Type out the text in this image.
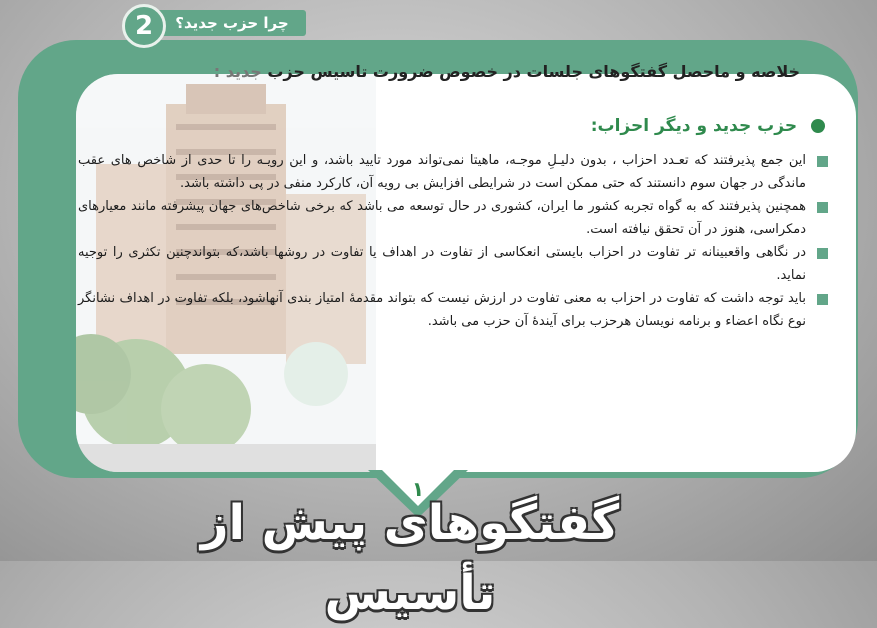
چرا حزب جدید؟
2
خلاصه و ماحصل گفتگوهای جلسات در خصوص ضرورت تاسیس حزب جدید :
حزب جدید و دیگر احزاب:
این جمع پذیرفتند که تعـدد احزاب ، بدون دلیـلِ موجـه، ماهیتا نمی‌تواند مورد تایید باشد، و این رویـه را تا حدی از شاخص های عقب ماندگی در جهان سوم دانستند که حتی ممکن است در شرایطی افزایش بی رویه آن، کارکرد منفی در پی داشته باشد.
همچنین پذیرفتند که به گواه تجربه کشور ما ایران، کشوری در حال توسعه می باشد که برخی شاخص‌های جهان پیشرفته مانند معیارهای دمکراسی، هنوز در آن تحقق نیافته است.
در نگاهی واقعبینانه تر تفاوت در احزاب بایستی انعکاسی از تفاوت در اهداف یا تفاوت در روشها باشد،که بتواندچنین تکثری را توجیه نماید.
باید توجه داشت که تفاوت در احزاب به معنی تفاوت در ارزش نیست که بتواند مقدمۀ امتیاز بندی آنهاشود، بلکه تفاوت در اهداف نشانگر نوع نگاه اعضاء و برنامه نویسان هرحزب برای آیندۀ آن حزب می باشد.
۱
گفتگوهای پیش از تأسیس
